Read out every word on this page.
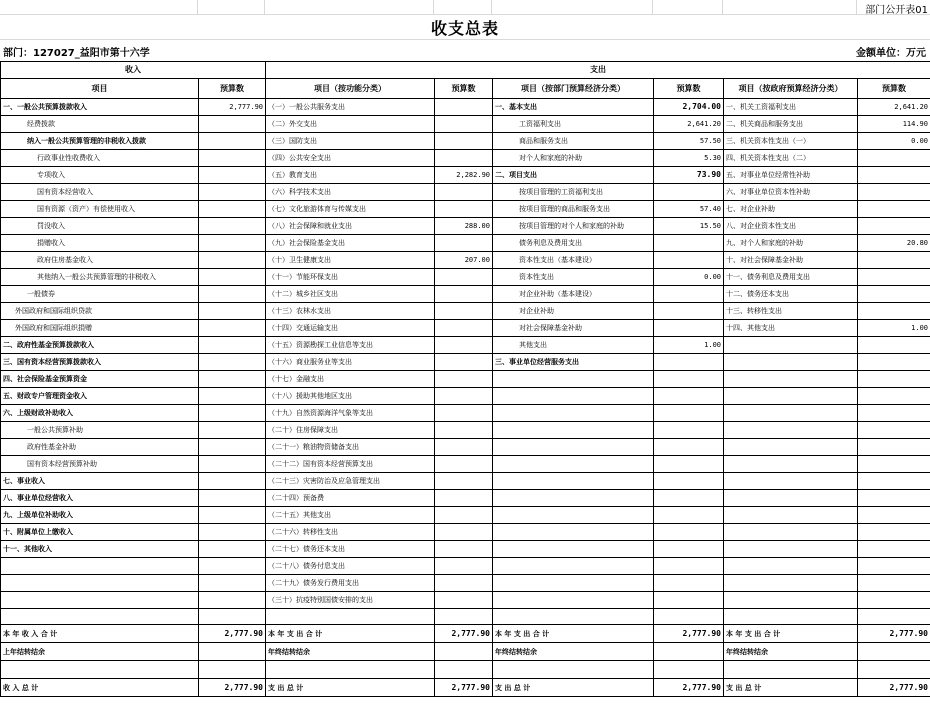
部门公开表01
收支总表
部门：127027_益阳市第十六学	金额单位：万元
收入		支出					
项目	预算数	项目（按功能分类）	预算数	项目（按部门预算经济分类）	预算数	项目（按政府预算经济分类）	预算数
一、一般公共预算拨款收入	2,777.90	（一）一般公共服务支出		一、基本支出	2,704.00	一、机关工资福利支出	2,641.20
经费拨款		（二）外交支出		工资福利支出	2,641.20	二、机关商品和服务支出	114.90
纳入一般公共预算管理的非税收入拨款		（三）国防支出		商品和服务支出	57.50	三、机关资本性支出（一）	0.00
行政事业性收费收入		（四）公共安全支出		对个人和家庭的补助	5.30	四、机关资本性支出（二）	
专项收入		（五）教育支出	2,282.90	二、项目支出	73.90	五、对事业单位经常性补助	
国有资本经营收入		（六）科学技术支出		按项目管理的工资福利支出		六、对事业单位资本性补助	
国有资源（资产）有偿使用收入		（七）文化旅游体育与传媒支出		按项目管理的商品和服务支出	57.40	七、对企业补助	
罚没收入		（八）社会保障和就业支出	288.00	按项目管理的对个人和家庭的补助	15.50	八、对企业资本性支出	
捐赠收入		（九）社会保险基金支出		债务利息及费用支出		九、对个人和家庭的补助	20.80
政府住房基金收入		（十）卫生健康支出	207.00	资本性支出（基本建设）		十、对社会保障基金补助	
其他纳入一般公共预算管理的非税收入		（十一）节能环保支出		资本性支出	0.00	十一、债务利息及费用支出	
一般债券		（十二）城乡社区支出		对企业补助（基本建设）		十二、债务还本支出	
外国政府和国际组织贷款		（十三）农林水支出		对企业补助		十三、转移性支出	
外国政府和国际组织捐赠		（十四）交通运输支出		对社会保障基金补助		十四、其他支出	1.00
二、政府性基金预算拨款收入		（十五）资源勘探工业信息等支出		其他支出	1.00		
三、国有资本经营预算拨款收入		（十六）商业服务业等支出		三、事业单位经营服务支出			
四、社会保险基金预算资金		（十七）金融支出					
五、财政专户管理资金收入		（十八）援助其他地区支出					
六、上级财政补助收入		（十九）自然资源海洋气象等支出					
一般公共预算补助		（二十）住房保障支出					
政府性基金补助		（二十一）粮油物资储备支出					
国有资本经营预算补助		（二十二）国有资本经营预算支出					
七、事业收入		（二十三）灾害防治及应急管理支出					
八、事业单位经营收入		（二十四）预备费					
九、上级单位补助收入		（二十五）其他支出					
十、附属单位上缴收入		（二十六）转移性支出					
十一、其他收入		（二十七）债务还本支出					
		（二十八）债务付息支出					
		（二十九）债务发行费用支出					
		（三十）抗疫特别国债安排的支出					

本 年 收 入 合 计	2,777.90	本 年 支 出 合 计	2,777.90	本 年 支 出 合 计	2,777.90	本 年 支 出 合 计	2,777.90
上年结转结余		年终结转结余		年终结转结余		年终结转结余	

收 入 总 计	2,777.90	支 出 总 计	2,777.90	支 出 总 计	2,777.90	支 出 总 计	2,777.90
